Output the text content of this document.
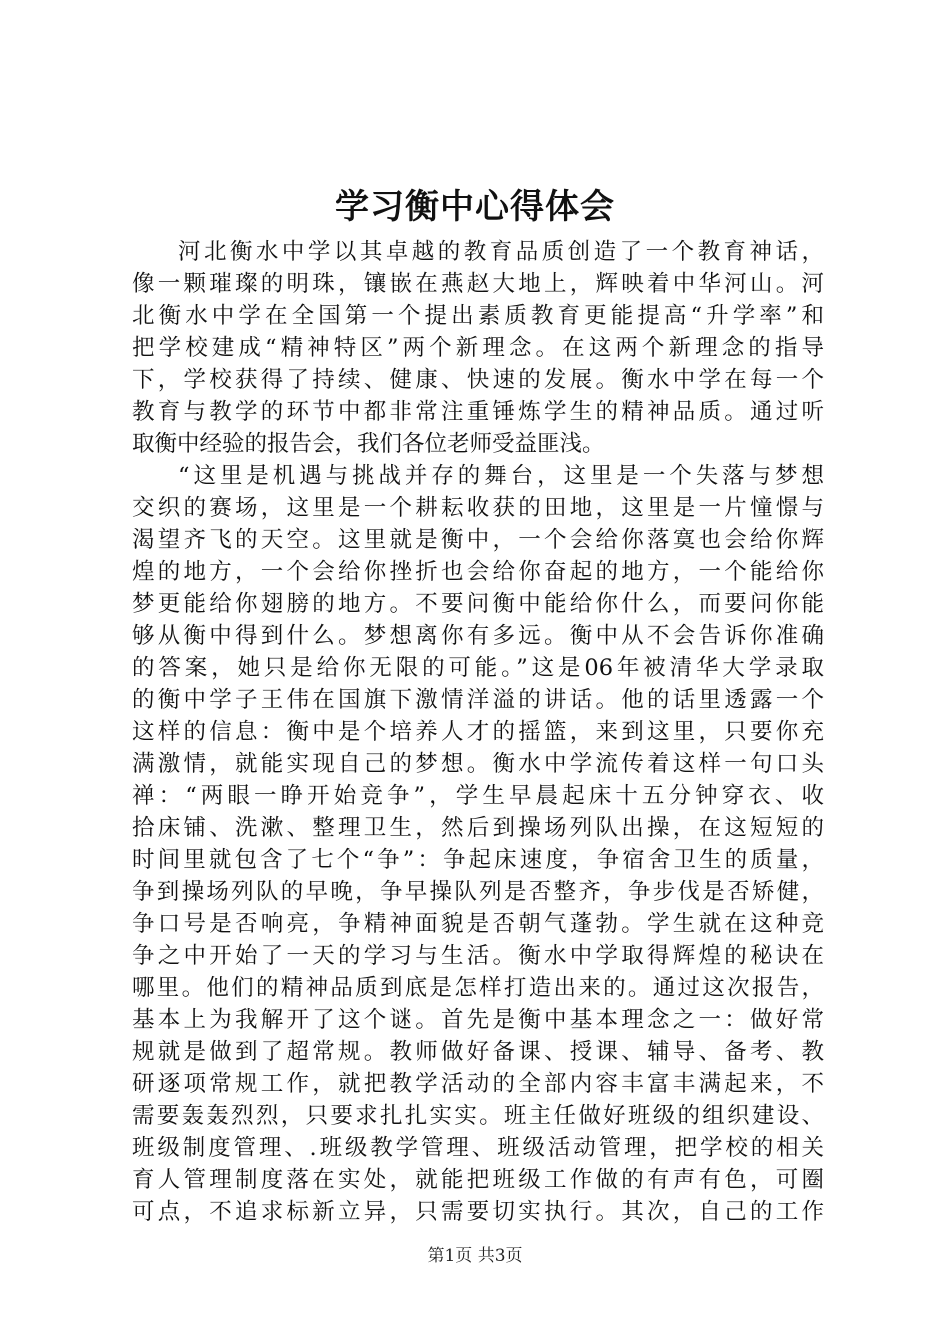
学习衡中心得体会
河北衡水中学以其卓越的教育品质创造了一个教育神话，
像一颗璀璨的明珠，镶嵌在燕赵大地上，辉映着中华河山。河
北衡水中学在全国第一个提出素质教育更能提高“升学率”和
把学校建成“精神特区”两个新理念。在这两个新理念的指导
下，学校获得了持续、健康、快速的发展。衡水中学在每一个
教育与教学的环节中都非常注重锤炼学生的精神品质。通过听
取衡中经验的报告会，我们各位老师受益匪浅。
“这里是机遇与挑战并存的舞台，这里是一个失落与梦想
交织的赛场，这里是一个耕耘收获的田地，这里是一片憧憬与
渴望齐飞的天空。这里就是衡中，一个会给你落寞也会给你辉
煌的地方，一个会给你挫折也会给你奋起的地方，一个能给你
梦更能给你翅膀的地方。不要问衡中能给你什么，而要问你能
够从衡中得到什么。梦想离你有多远。衡中从不会告诉你准确
的答案，她只是给你无限的可能。”这是06年被清华大学录取
的衡中学子王伟在国旗下激情洋溢的讲话。他的话里透露一个
这样的信息：衡中是个培养人才的摇篮，来到这里，只要你充
满激情，就能实现自己的梦想。衡水中学流传着这样一句口头
禅：“两眼一睁开始竞争”，学生早晨起床十五分钟穿衣、收
拾床铺、洗漱、整理卫生，然后到操场列队出操，在这短短的
时间里就包含了七个“争”：争起床速度，争宿舍卫生的质量，
争到操场列队的早晚，争早操队列是否整齐，争步伐是否矫健，
争口号是否响亮，争精神面貌是否朝气蓬勃。学生就在这种竞
争之中开始了一天的学习与生活。衡水中学取得辉煌的秘诀在
哪里。他们的精神品质到底是怎样打造出来的。通过这次报告，
基本上为我解开了这个谜。首先是衡中基本理念之一：做好常
规就是做到了超常规。教师做好备课、授课、辅导、备考、教
研逐项常规工作，就把教学活动的全部内容丰富丰满起来，不
需要轰轰烈烈，只要求扎扎实实。班主任做好班级的组织建设、
班级制度管理、.班级教学管理、班级活动管理，把学校的相关
育人管理制度落在实处，就能把班级工作做的有声有色，可圈
可点，不追求标新立异，只需要切实执行。其次，自己的工作
第1页 共3页
